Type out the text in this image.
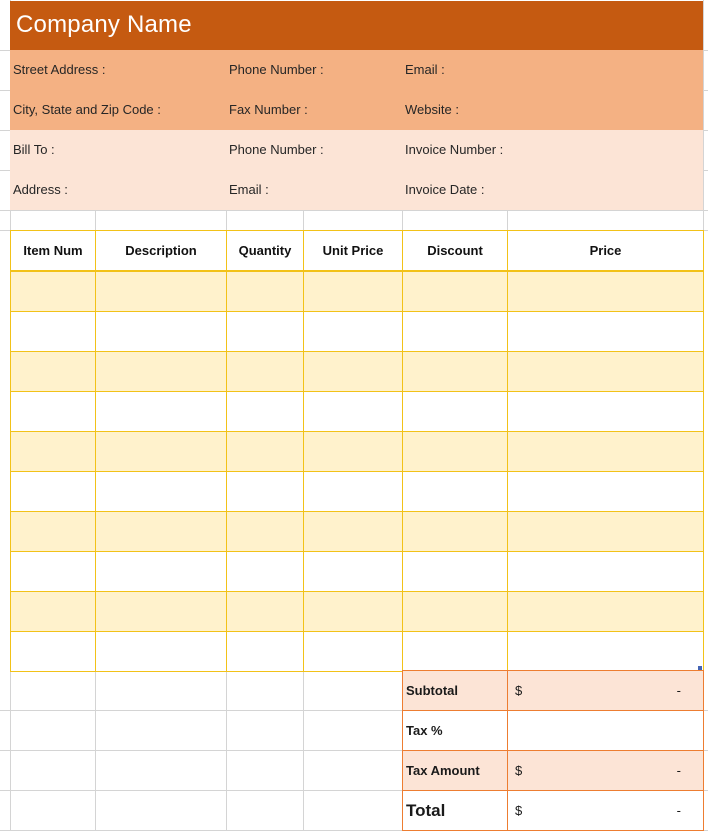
Company Name
Street Address :	Phone Number :	Email :
City, State and Zip Code :	Fax Number :	Website :
Bill To :	Phone Number :	Invoice Number :
Address :	Email :	Invoice Date :
Item Num	Description	Quantity	Unit Price	Discount	Price

Subtotal	$ -

Tax %	
Tax Amount	$ -

Total	$ -
